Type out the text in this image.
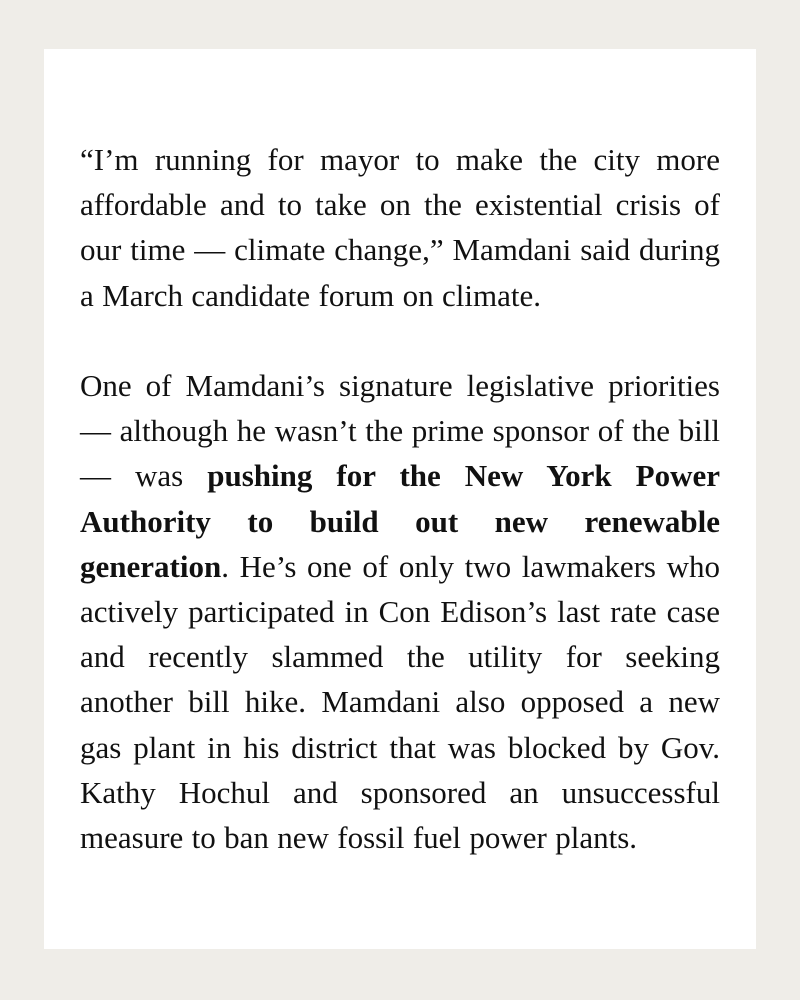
“I’m running for mayor to make the city more affordable and to take on the existential crisis of our time — climate change,” Mamdani said during a March candidate forum on climate.

One of Mamdani’s signature legislative priorities — although he wasn’t the prime sponsor of the bill — was pushing for the New York Power Authority to build out new renewable generation. He’s one of only two lawmakers who actively participated in Con Edison’s last rate case and recently slammed the utility for seeking another bill hike. Mamdani also opposed a new gas plant in his district that was blocked by Gov. Kathy Hochul and sponsored an unsuccessful measure to ban new fossil fuel power plants.
